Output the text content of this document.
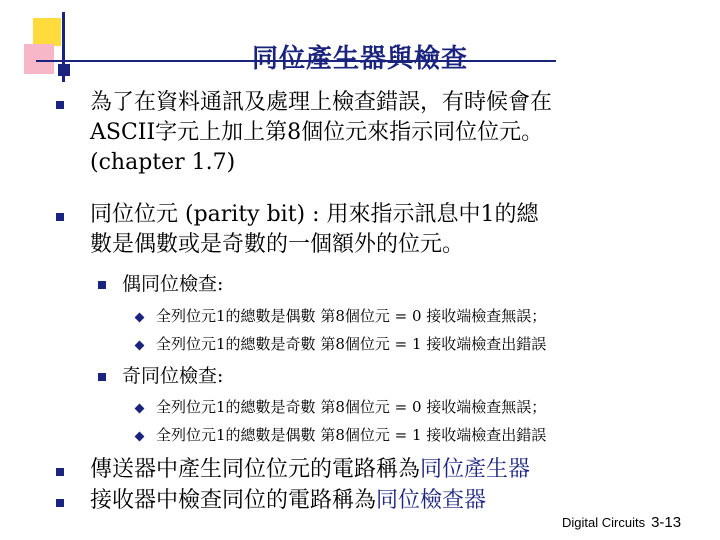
同位產生器與檢查
為了在資料通訊及處理上檢查錯誤，有時候會在
ASCII字元上加上第8個位元來指示同位位元。
(chapter 1.7)
同位位元 (parity bit) : 用來指示訊息中1的總
數是偶數或是奇數的一個額外的位元。
偶同位檢查:
全列位元1的總數是偶數 第8個位元 = 0 接收端檢查無誤；
全列位元1的總數是奇數 第8個位元 = 1 接收端檢查出錯誤
奇同位檢查:
全列位元1的總數是奇數 第8個位元 = 0 接收端檢查無誤；
全列位元1的總數是偶數 第8個位元 = 1 接收端檢查出錯誤
傳送器中產生同位位元的電路稱為同位產生器
接收器中檢查同位的電路稱為同位檢查器
Digital Circuits 3-13
